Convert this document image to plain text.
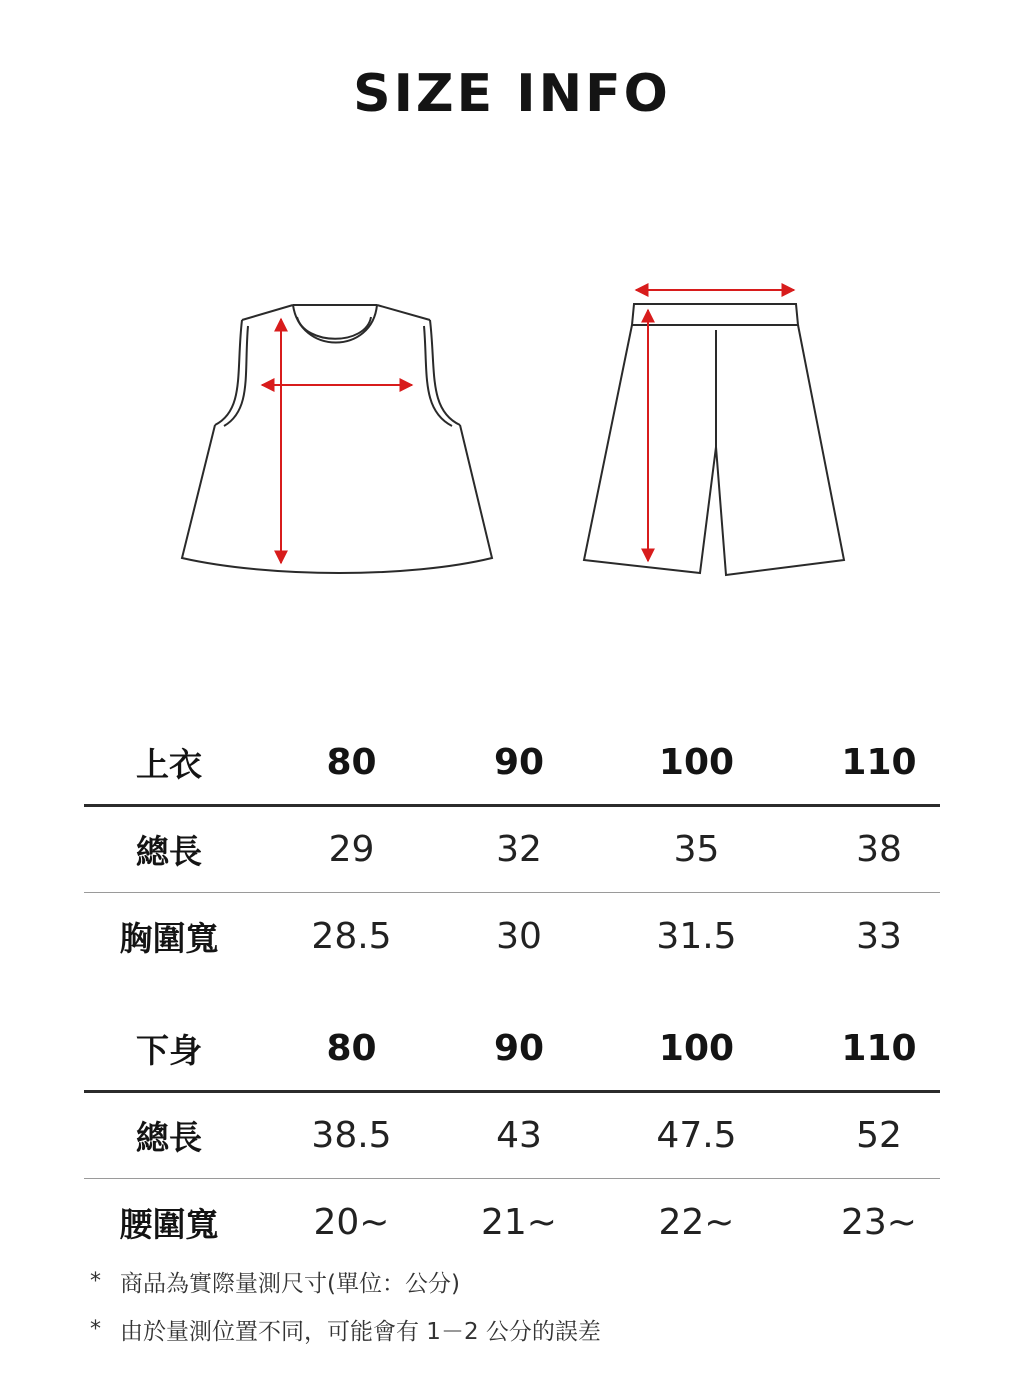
SIZE INFO
上衣	80	90	100	110
總長	29	32	35	38
胸圍寬	28.5	30	31.5	33
下身	80	90	100	110
總長	38.5	43	47.5	52
腰圍寬	20~	21~	22~	23~
* 商品為實際量測尺寸(單位：公分)
* 由於量測位置不同，可能會有 1－2 公分的誤差
